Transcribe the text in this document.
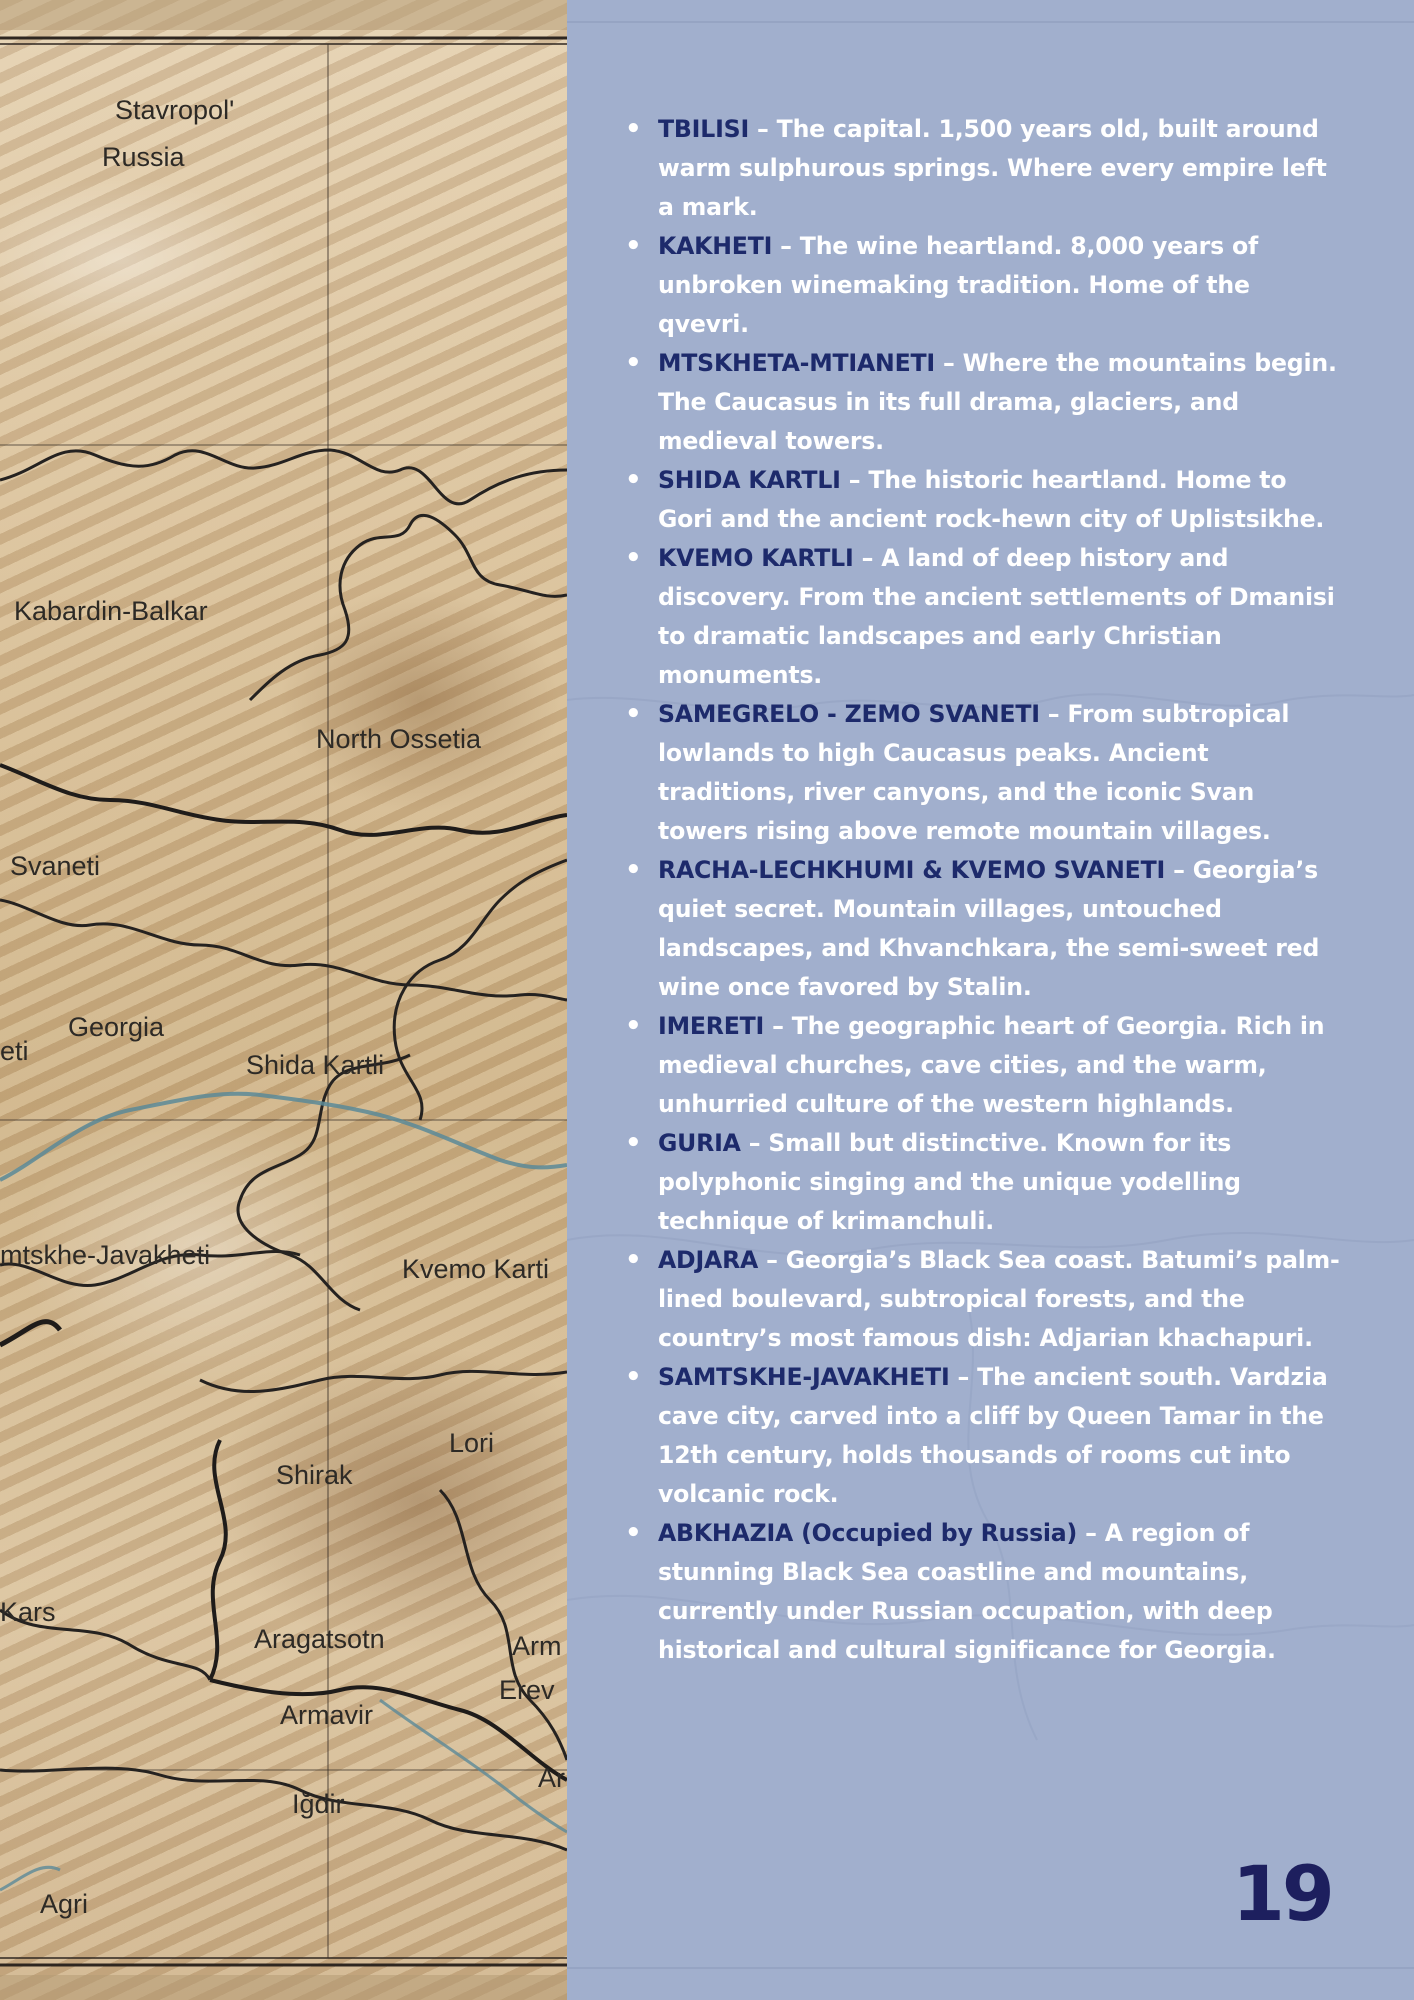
Stavropol'
Russia
Kabardin-Balkar
North Ossetia
Svaneti
Georgia
eti	Shida Kartli
mtskhe-Javakheti	Kvemo Karti
Lori
Shirak
Kars
Aragatsotn
Armavir
Arm
Erev
Ar
Iğdir
Agri
• TBILISI – The capital. 1,500 years old, built around warm sulphurous springs. Where every empire left a mark.
• KAKHETI – The wine heartland. 8,000 years of unbroken winemaking tradition. Home of the qvevri.
• MTSKHETA-MTIANETI – Where the mountains begin. The Caucasus in its full drama, glaciers, and medieval towers.
• SHIDA KARTLI – The historic heartland. Home to Gori and the ancient rock-hewn city of Uplistsikhe.
• KVEMO KARTLI – A land of deep history and discovery. From the ancient settlements of Dmanisi to dramatic landscapes and early Christian monuments.
• SAMEGRELO - ZEMO SVANETI – From subtropical lowlands to high Caucasus peaks. Ancient traditions, river canyons, and the iconic Svan towers rising above remote mountain villages.
• RACHA-LECHKHUMI & KVEMO SVANETI – Georgia’s quiet secret. Mountain villages, untouched landscapes, and Khvanchkara, the semi-sweet red wine once favored by Stalin.
• IMERETI – The geographic heart of Georgia. Rich in medieval churches, cave cities, and the warm, unhurried culture of the western highlands.
• GURIA – Small but distinctive. Known for its polyphonic singing and the unique yodelling technique of krimanchuli.
• ADJARA – Georgia’s Black Sea coast. Batumi’s palm-lined boulevard, subtropical forests, and the country’s most famous dish: Adjarian khachapuri.
• SAMTSKHE-JAVAKHETI – The ancient south. Vardzia cave city, carved into a cliff by Queen Tamar in the 12th century, holds thousands of rooms cut into volcanic rock.
• ABKHAZIA (Occupied by Russia) – A region of stunning Black Sea coastline and mountains, currently under Russian occupation, with deep historical and cultural significance for Georgia.
19
